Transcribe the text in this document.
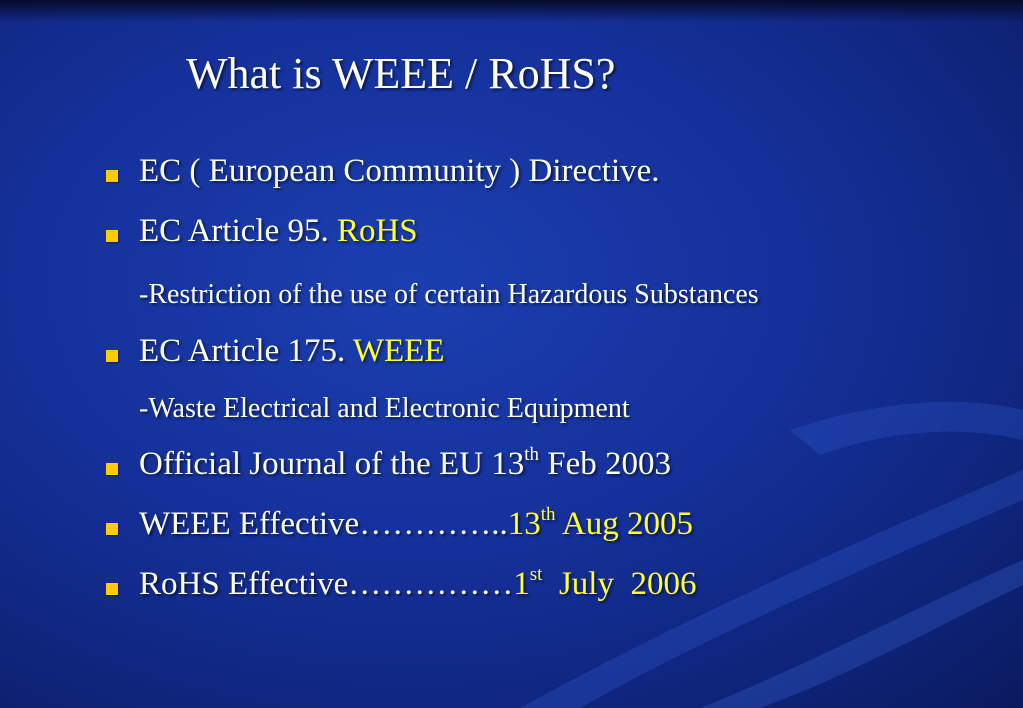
What is WEEE / RoHS?
EC ( European Community ) Directive.
EC Article 95. RoHS
-Restriction of the use of certain Hazardous Substances
EC Article 175. WEEE
-Waste Electrical and Electronic Equipment
Official Journal of the EU 13th Feb 2003
WEEE Effective…………..13th Aug 2005
RoHS Effective……………1st  July  2006
